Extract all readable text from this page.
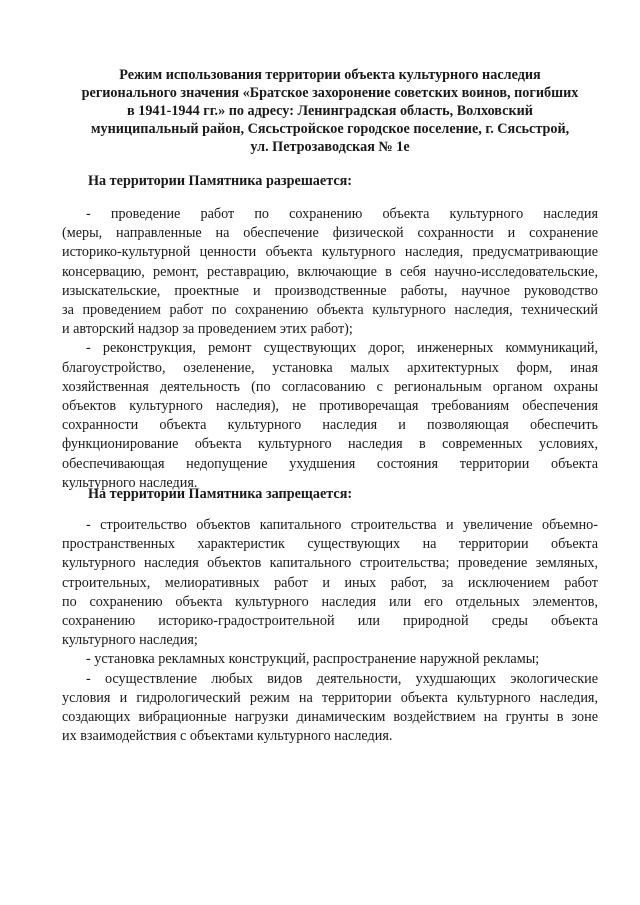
Режим использования территории объекта культурного наследия
регионального значения «Братское захоронение советских воинов, погибших
в 1941-1944 гг.» по адресу: Ленинградская область, Волховский
муниципальный район, Сясьстройское городское поселение, г. Сясьстрой,
ул. Петрозаводская № 1е
На территории Памятника разрешается:
- проведение работ по сохранению объекта культурного наследия
(меры, направленные на обеспечение физической сохранности и сохранение
историко-культурной ценности объекта культурного наследия, предусматривающие
консервацию, ремонт, реставрацию, включающие в себя научно-исследовательские,
изыскательские, проектные и производственные работы, научное руководство
за проведением работ по сохранению объекта культурного наследия, технический
и авторский надзор за проведением этих работ);
- реконструкция, ремонт существующих дорог, инженерных коммуникаций,
благоустройство, озеленение, установка малых архитектурных форм, иная
хозяйственная деятельность (по согласованию с региональным органом охраны
объектов культурного наследия), не противоречащая требованиям обеспечения
сохранности объекта культурного наследия и позволяющая обеспечить
функционирование объекта культурного наследия в современных условиях,
обеспечивающая недопущение ухудшения состояния территории объекта
культурного наследия.
На территории Памятника запрещается:
- строительство объектов капитального строительства и увеличение объемно-
пространственных характеристик существующих на территории объекта
культурного наследия объектов капитального строительства; проведение земляных,
строительных, мелиоративных работ и иных работ, за исключением работ
по сохранению объекта культурного наследия или его отдельных элементов,
сохранению историко-градостроительной или природной среды объекта
культурного наследия;
- установка рекламных конструкций, распространение наружной рекламы;
- осуществление любых видов деятельности, ухудшающих экологические
условия и гидрологический режим на территории объекта культурного наследия,
создающих вибрационные нагрузки динамическим воздействием на грунты в зоне
их взаимодействия с объектами культурного наследия.
